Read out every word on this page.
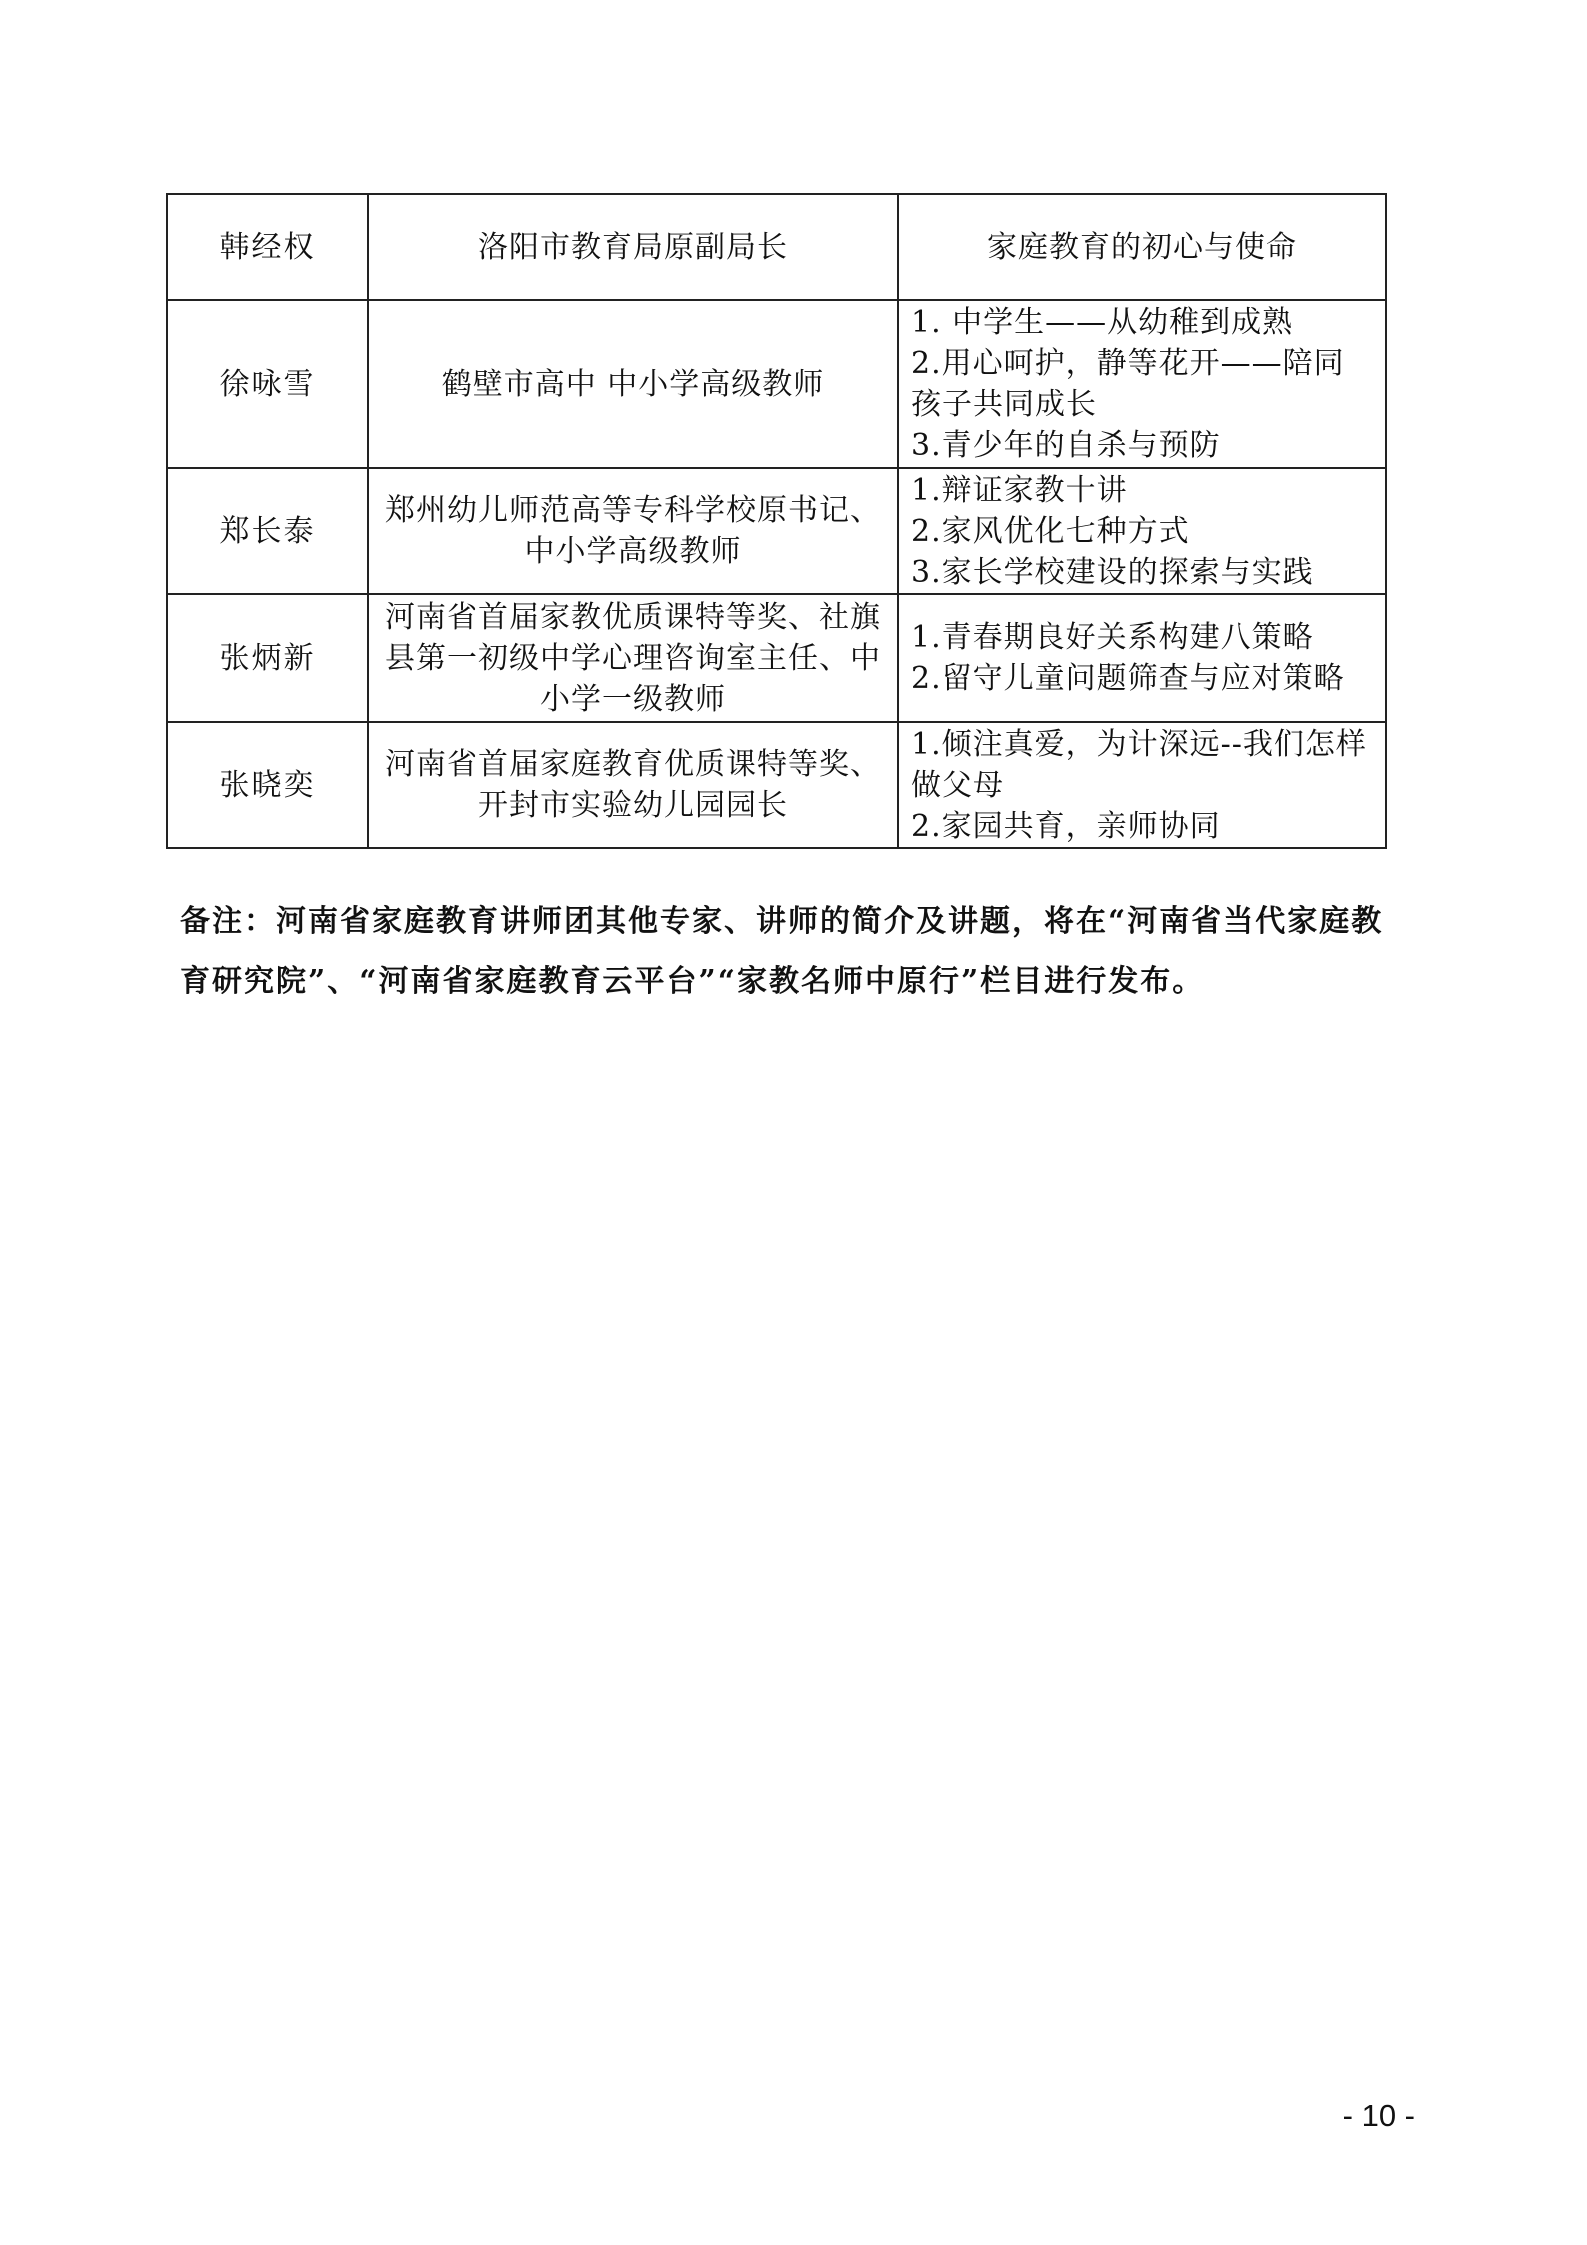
韩经权	洛阳市教育局原副局长	家庭教育的初心与使命

徐咏雪	鹤壁市高中 中小学高级教师	1. 中学生——从幼稚到成熟
2.用心呵护，静等花开——陪同孩子共同成长
3.青少年的自杀与预防

郑长泰	郑州幼儿师范高等专科学校原书记、中小学高级教师	1.辩证家教十讲
2.家风优化七种方式
3.家长学校建设的探索与实践

张炳新	河南省首届家教优质课特等奖、社旗县第一初级中学心理咨询室主任、中小学一级教师	1.青春期良好关系构建八策略
2.留守儿童问题筛查与应对策略

张晓奕	河南省首届家庭教育优质课特等奖、开封市实验幼儿园园长	1.倾注真爱，为计深远--我们怎样做父母
2.家园共育，亲师协同

备注：河南省家庭教育讲师团其他专家、讲师的简介及讲题，将在“河南省当代家庭教育研究院”、“河南省家庭教育云平台”“家教名师中原行”栏目进行发布。

- 10 -
